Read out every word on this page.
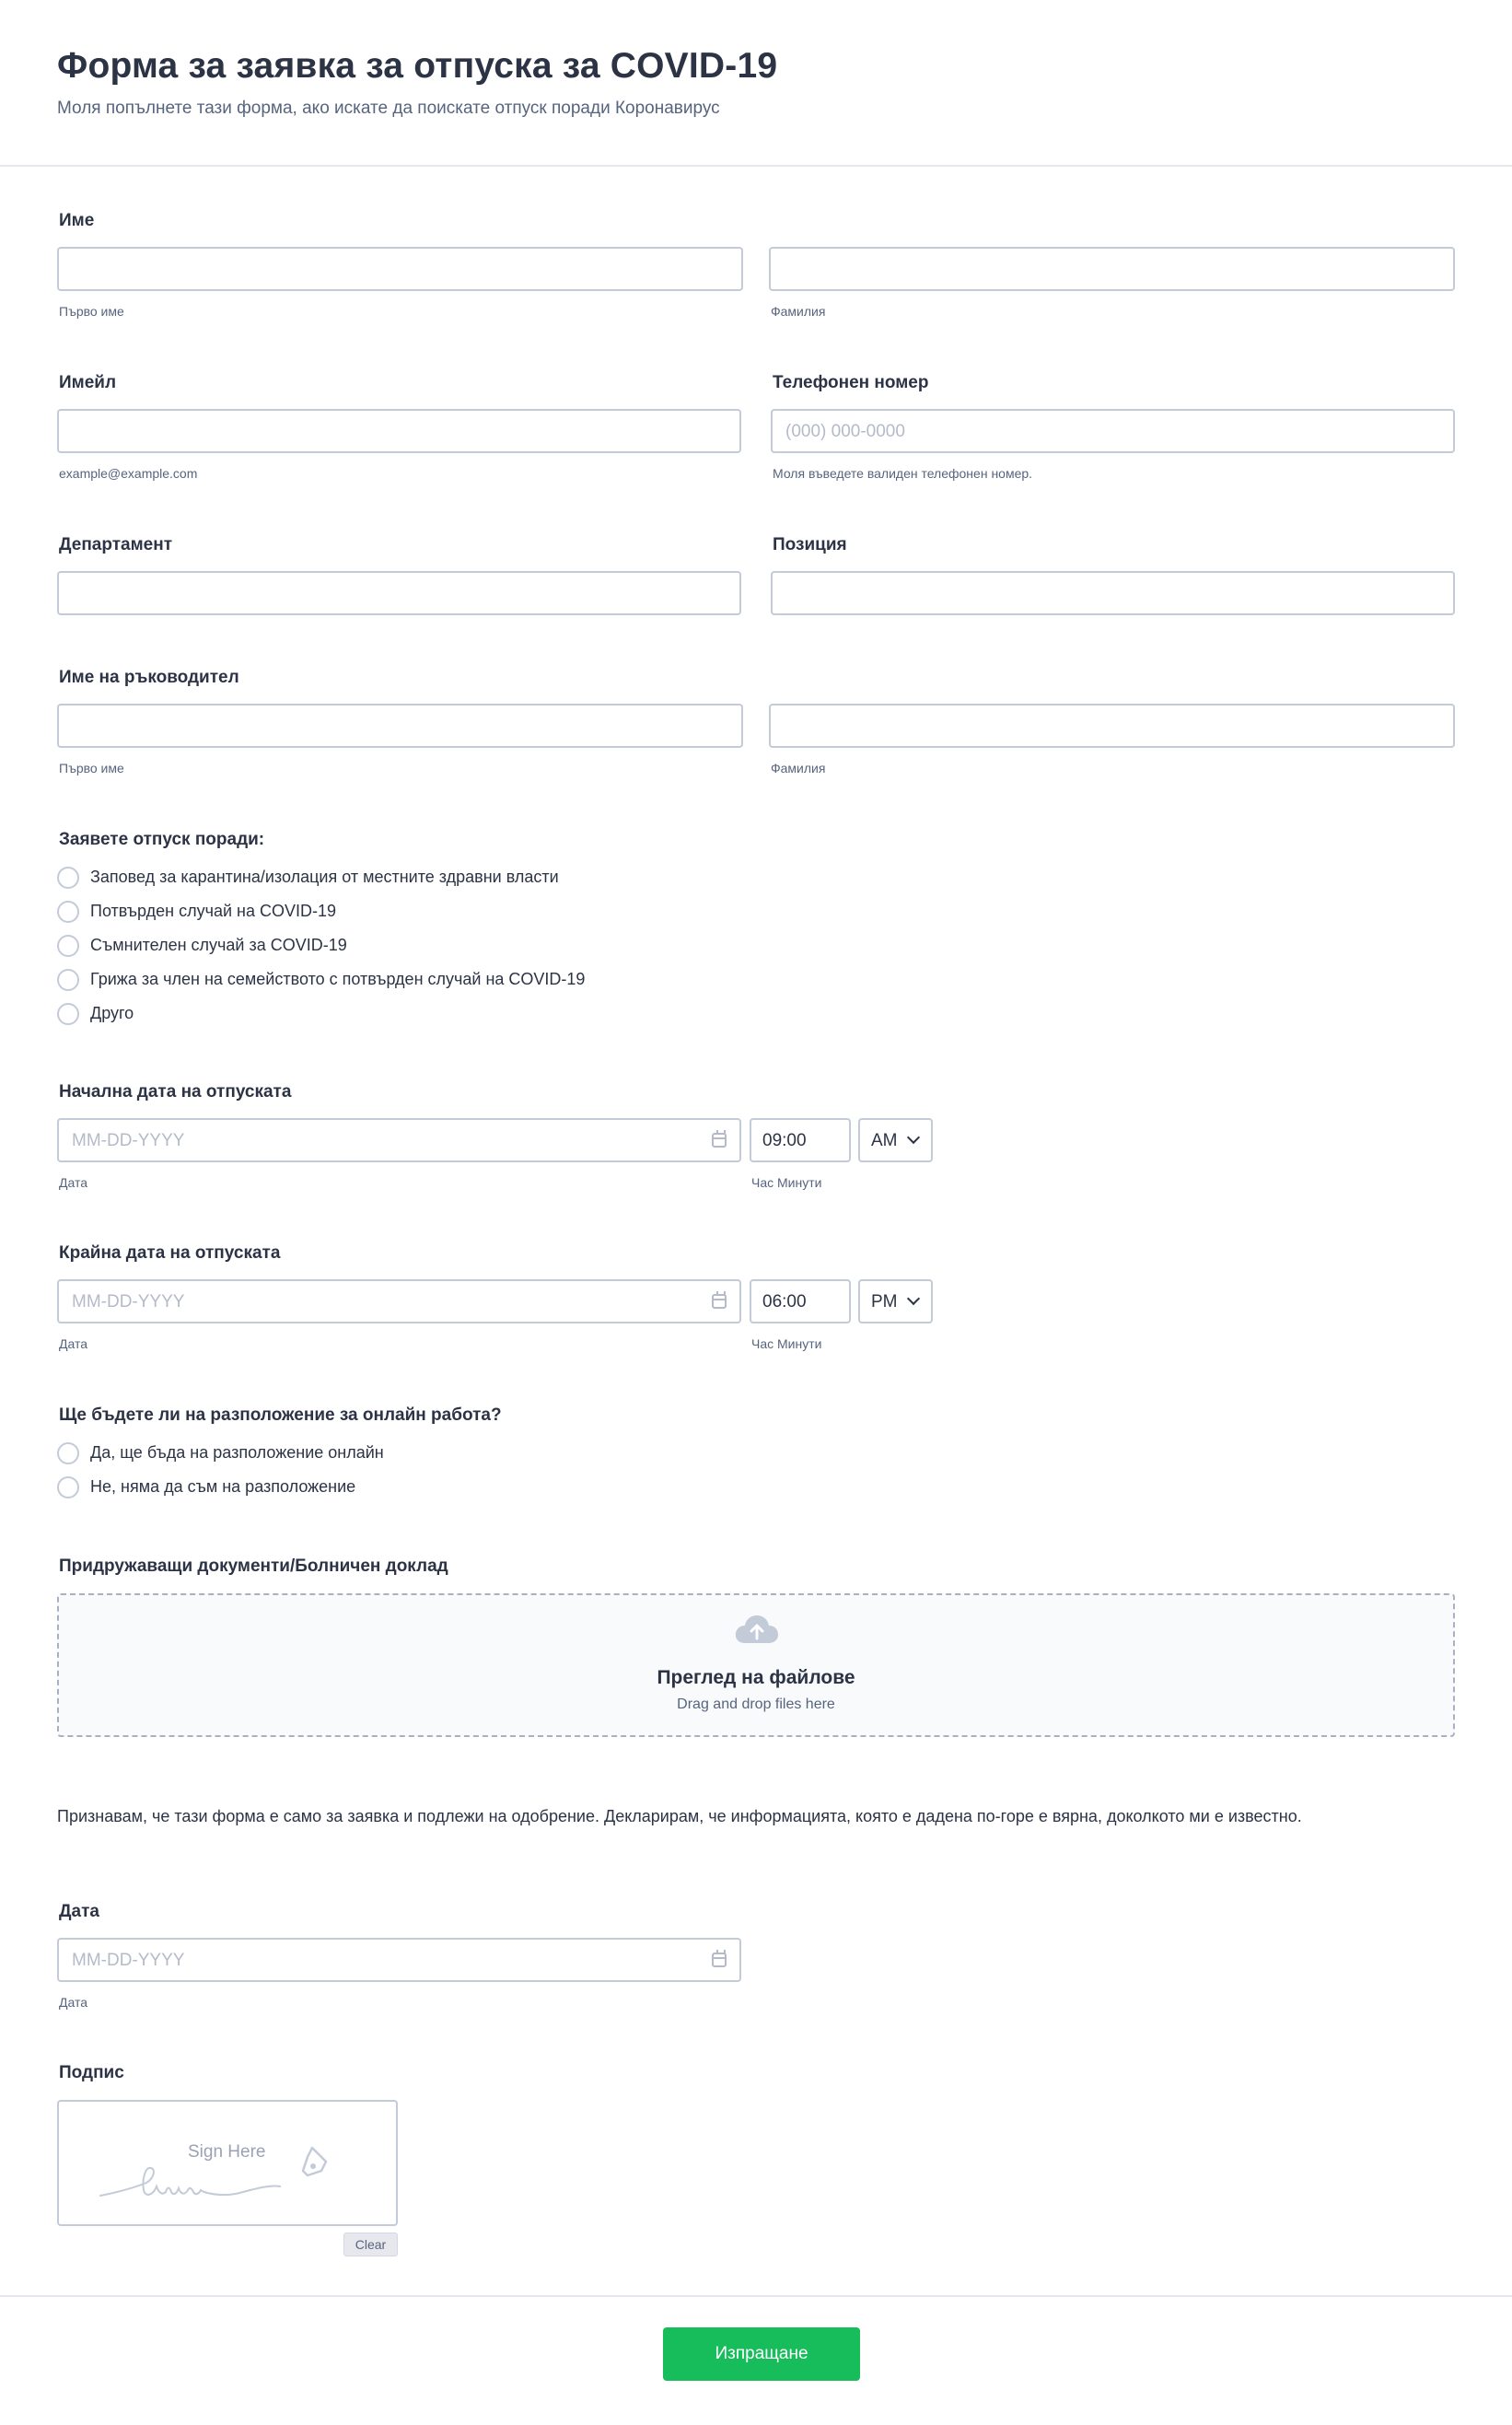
Форма за заявка за отпуска за COVID-19
Моля попълнете тази форма, ако искате да поискате отпуск поради Коронавирус
Име
Първо име	Фамилия
Имейл
example@example.com
Телефонен номер
(000) 000-0000
Моля въведете валиден телефонен номер.
Департамент	Позиция
Име на ръководител
Първо име	Фамилия
Заявете отпуск поради:
Заповед за карантина/изолация от местните здравни власти
Потвърден случай на COVID-19
Съмнителен случай за COVID-19
Грижа за член на семейството с потвърден случай на COVID-19
Друго
Начална дата на отпуската
MM-DD-YYYY	09:00	AM
Дата	Час Минути
Крайна дата на отпуската
MM-DD-YYYY	06:00	PM
Дата	Час Минути
Ще бъдете ли на разположение за онлайн работа?
Да, ще бъда на разположение онлайн
Не, няма да съм на разположение
Придружаващи документи/Болничен доклад
Преглед на файлове
Drag and drop files here
Признавам, че тази форма е само за заявка и подлежи на одобрение. Декларирам, че информацията, която е дадена по-горе е вярна, доколкото ми е известно.
Дата
MM-DD-YYYY
Дата
Подпис
Sign Here
Clear
Изпращане
